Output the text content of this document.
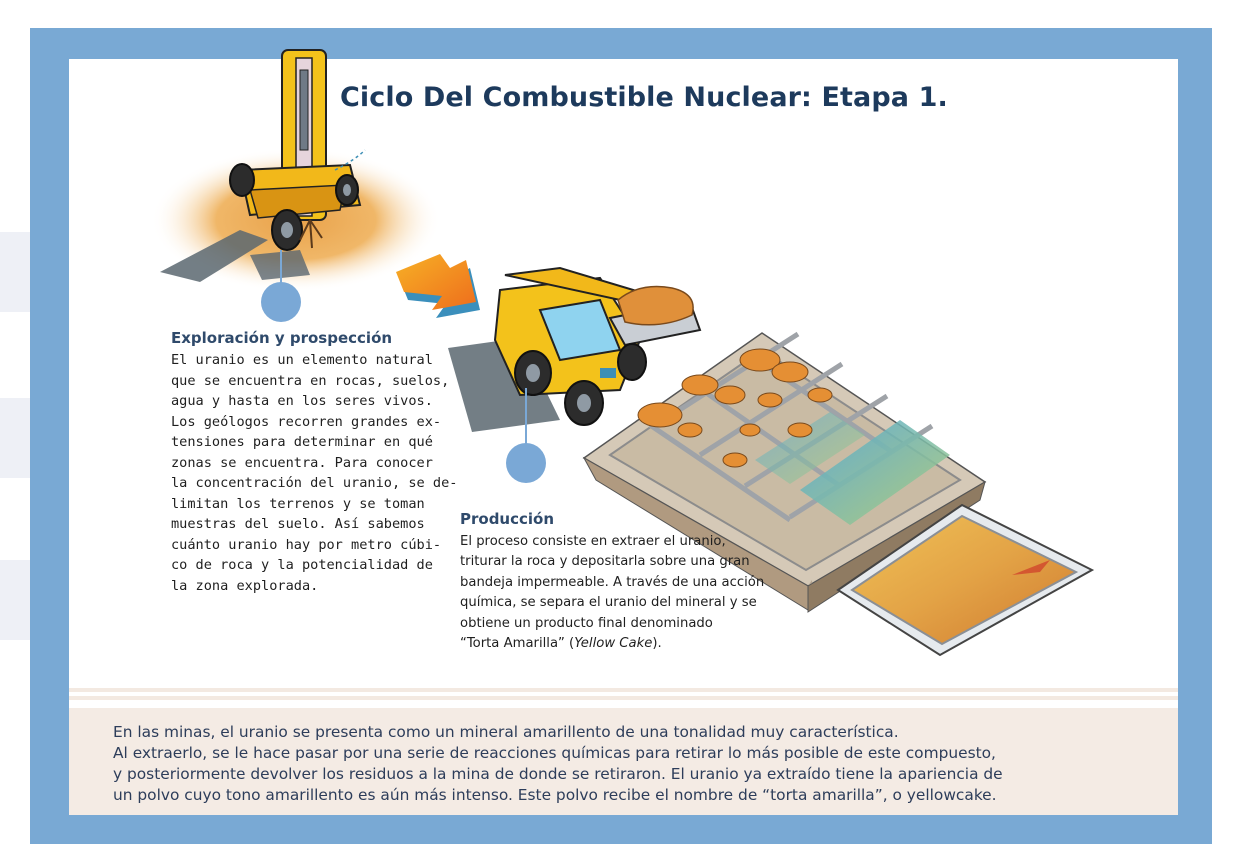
Ciclo Del Combustible Nuclear: Etapa 1.
Exploración y prospección
El uranio es un elemento natural
que se encuentra en rocas, suelos,
agua y hasta en los seres vivos.
Los geólogos recorren grandes ex-
tensiones para determinar en qué
zonas se encuentra. Para conocer
la concentración del uranio, se de-
limitan los terrenos y se toman
muestras del suelo. Así sabemos
cuánto uranio hay por metro cúbi-
co de roca y la potencialidad de
la zona explorada.
Producción
El proceso consiste en extraer el uranio,
triturar la roca y depositarla sobre una gran
bandeja impermeable. A través de una acción
química, se separa el uranio del mineral y se
obtiene un producto final denominado
“Torta Amarilla” (Yellow Cake).
En las minas, el uranio se presenta como un mineral amarillento de una tonalidad muy característica.
Al extraerlo, se le hace pasar por una serie de reacciones químicas para retirar lo más posible de este compuesto,
y posteriormente devolver los residuos a la mina de donde se retiraron. El uranio ya extraído tiene la apariencia de
un polvo cuyo tono amarillento es aún más intenso. Este polvo recibe el nombre de “torta amarilla”, o yellowcake.
